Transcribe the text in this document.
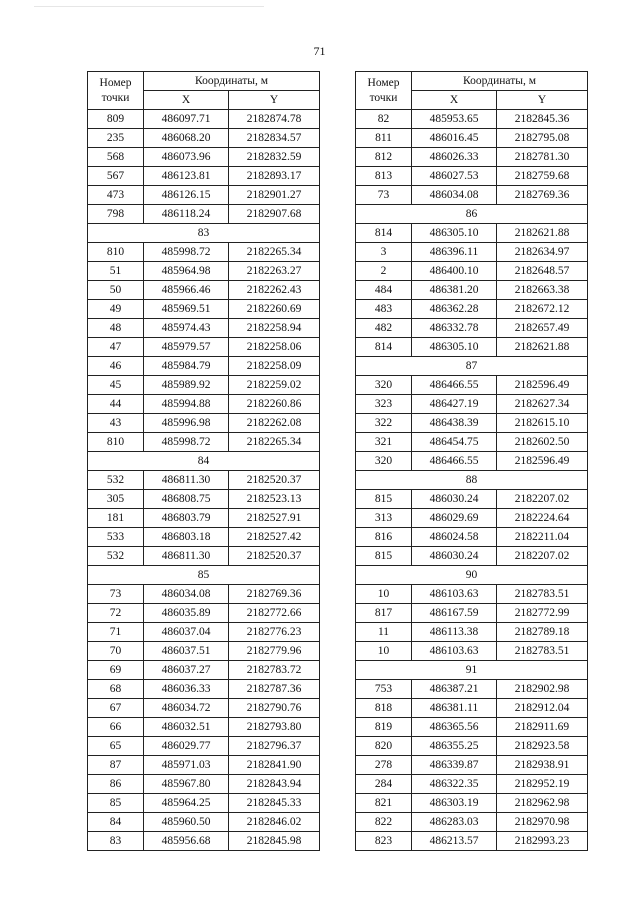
71
Номер
точки	Координаты, м	
	X	Y
809	486097.71	2182874.78
235	486068.20	2182834.57
568	486073.96	2182832.59
567	486123.81	2182893.17
473	486126.15	2182901.27
798	486118.24	2182907.68
83		
810	485998.72	2182265.34
51	485964.98	2182263.27
50	485966.46	2182262.43
49	485969.51	2182260.69
48	485974.43	2182258.94
47	485979.57	2182258.06
46	485984.79	2182258.09
45	485989.92	2182259.02
44	485994.88	2182260.86
43	485996.98	2182262.08
810	485998.72	2182265.34
84		
532	486811.30	2182520.37
305	486808.75	2182523.13
181	486803.79	2182527.91
533	486803.18	2182527.42
532	486811.30	2182520.37
85		
73	486034.08	2182769.36
72	486035.89	2182772.66
71	486037.04	2182776.23
70	486037.51	2182779.96
69	486037.27	2182783.72
68	486036.33	2182787.36
67	486034.72	2182790.76
66	486032.51	2182793.80
65	486029.77	2182796.37
87	485971.03	2182841.90
86	485967.80	2182843.94
85	485964.25	2182845.33
84	485960.50	2182846.02
83	485956.68	2182845.98
Номер
точки	Координаты, м	
	X	Y
82	485953.65	2182845.36
811	486016.45	2182795.08
812	486026.33	2182781.30
813	486027.53	2182759.68
73	486034.08	2182769.36
86		
814	486305.10	2182621.88
3	486396.11	2182634.97
2	486400.10	2182648.57
484	486381.20	2182663.38
483	486362.28	2182672.12
482	486332.78	2182657.49
814	486305.10	2182621.88
87		
320	486466.55	2182596.49
323	486427.19	2182627.34
322	486438.39	2182615.10
321	486454.75	2182602.50
320	486466.55	2182596.49
88		
815	486030.24	2182207.02
313	486029.69	2182224.64
816	486024.58	2182211.04
815	486030.24	2182207.02
90		
10	486103.63	2182783.51
817	486167.59	2182772.99
11	486113.38	2182789.18
10	486103.63	2182783.51
91		
753	486387.21	2182902.98
818	486381.11	2182912.04
819	486365.56	2182911.69
820	486355.25	2182923.58
278	486339.87	2182938.91
284	486322.35	2182952.19
821	486303.19	2182962.98
822	486283.03	2182970.98
823	486213.57	2182993.23
